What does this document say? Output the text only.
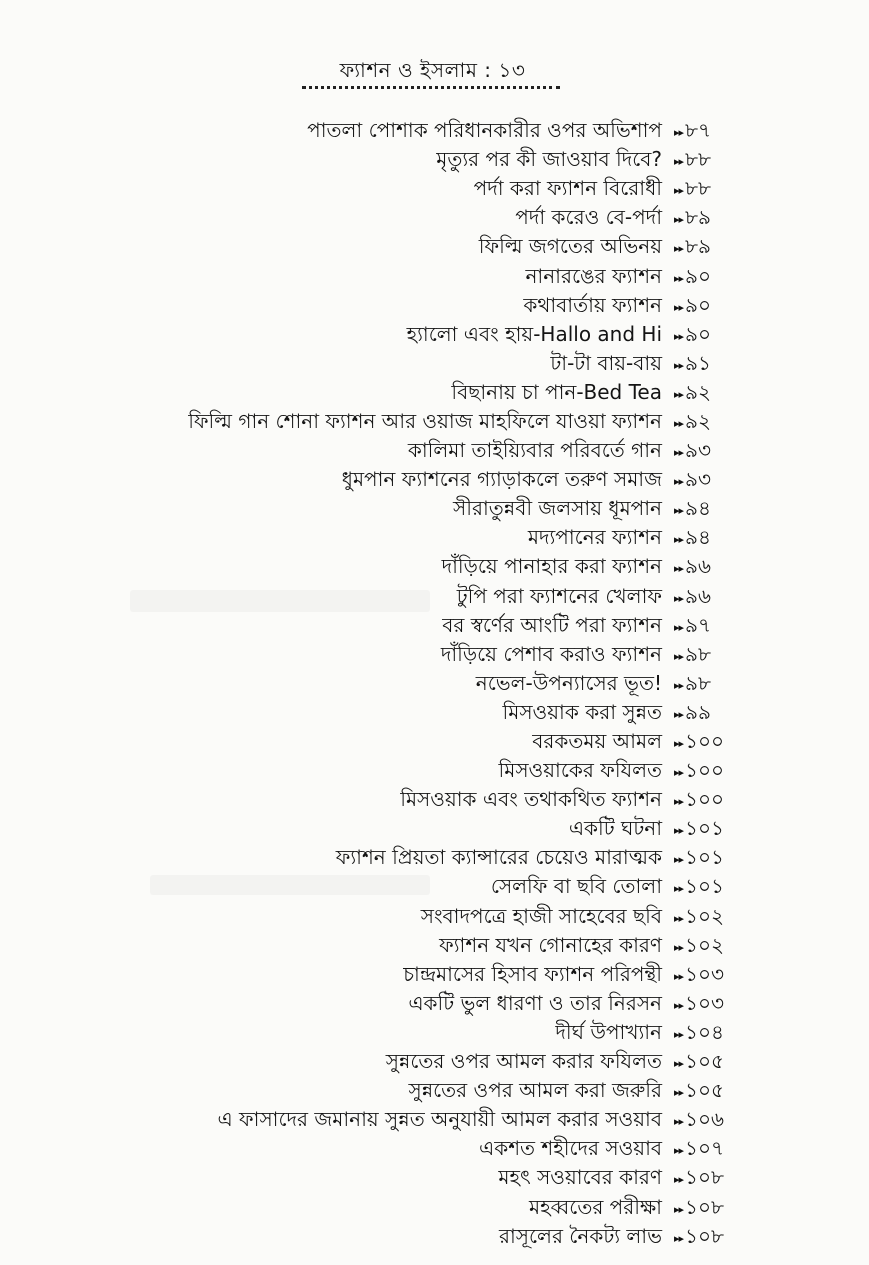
ফ্যাশন ও ইসলাম : ১৩
পাতলা পোশাক পরিধানকারীর ওপর অভিশাপ	▸▸ ৮৭
মৃত্যুর পর কী জাওয়াব দিবে?	▸▸ ৮৮
পর্দা করা ফ্যাশন বিরোধী	▸▸ ৮৮
পর্দা করেও বে-পর্দা	▸▸ ৮৯
ফিল্মি জগতের অভিনয়	▸▸ ৮৯
নানারঙের ফ্যাশন	▸▸ ৯০
কথাবার্তায় ফ্যাশন	▸▸ ৯০
হ্যালো এবং হায়-Hallo and Hi	▸▸ ৯০
টা-টা বায়-বায়	▸▸ ৯১
বিছানায় চা পান-Bed Tea	▸▸ ৯২
ফিল্মি গান শোনা ফ্যাশন আর ওয়াজ মাহফিলে যাওয়া ফ্যাশন	▸▸ ৯২
কালিমা তাইয়্যিবার পরিবর্তে গান	▸▸ ৯৩
ধুমপান ফ্যাশনের গ্যাড়াকলে তরুণ সমাজ	▸▸ ৯৩
সীরাতুন্নবী জলসায় ধূমপান	▸▸ ৯৪
মদ্যপানের ফ্যাশন	▸▸ ৯৪
দাঁড়িয়ে পানাহার করা ফ্যাশন	▸▸ ৯৬
টুপি পরা ফ্যাশনের খেলাফ	▸▸ ৯৬
বর স্বর্ণের আংটি পরা ফ্যাশন	▸▸ ৯৭
দাঁড়িয়ে পেশাব করাও ফ্যাশন	▸▸ ৯৮
নভেল-উপন্যাসের ভূত!	▸▸ ৯৮
মিসওয়াক করা সুন্নত	▸▸ ৯৯
বরকতময় আমল	▸▸ ১০০
মিসওয়াকের ফযিলত	▸▸ ১০০
মিসওয়াক এবং তথাকথিত ফ্যাশন	▸▸ ১০০
একটি ঘটনা	▸▸ ১০১
ফ্যাশন প্রিয়তা ক্যান্সারের চেয়েও মারাত্মক	▸▸ ১০১
সেলফি বা ছবি তোলা	▸▸ ১০১
সংবাদপত্রে হাজী সাহেবের ছবি	▸▸ ১০২
ফ্যাশন যখন গোনাহের কারণ	▸▸ ১০২
চান্দ্রমাসের হিসাব ফ্যাশন পরিপন্থী	▸▸ ১০৩
একটি ভুল ধারণা ও তার নিরসন	▸▸ ১০৩
দীর্ঘ উপাখ্যান	▸▸ ১০৪
সুন্নতের ওপর আমল করার ফযিলত	▸▸ ১০৫
সুন্নতের ওপর আমল করা জরুরি	▸▸ ১০৫
এ ফাসাদের জমানায় সুন্নত অনুযায়ী আমল করার সওয়াব	▸▸ ১০৬
একশত শহীদের সওয়াব	▸▸ ১০৭
মহৎ সওয়াবের কারণ	▸▸ ১০৮
মহব্বতের পরীক্ষা	▸▸ ১০৮
রাসূলের নৈকট্য লাভ	▸▸ ১০৮
